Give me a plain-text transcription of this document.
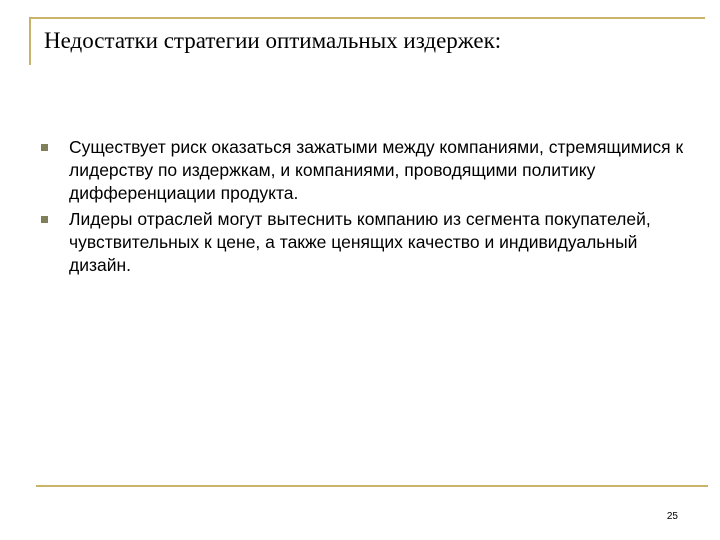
Недостатки стратегии оптимальных издержек:
Существует риск оказаться зажатыми между компаниями, стремящимися к лидерству по издержкам, и компаниями, проводящими политику дифференциации продукта.
Лидеры отраслей могут вытеснить компанию из сегмента покупателей, чувствительных к цене, а также ценящих качество и индивидуальный дизайн.
25
